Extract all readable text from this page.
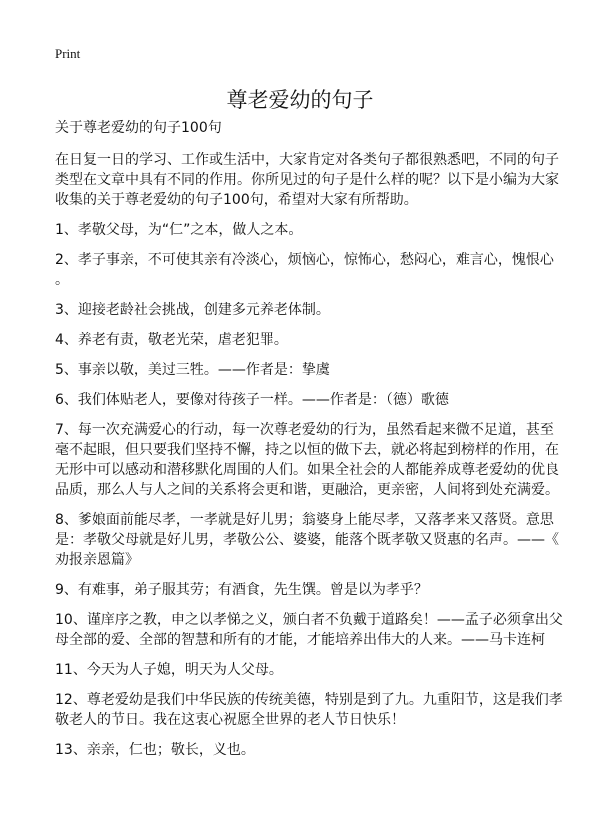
Print
尊老爱幼的句子
关于尊老爱幼的句子100句
在日复一日的学习、工作或生活中，大家肯定对各类句子都很熟悉吧，不同的句子
类型在文章中具有不同的作用。你所见过的句子是什么样的呢？以下是小编为大家
收集的关于尊老爱幼的句子100句，希望对大家有所帮助。
1、孝敬父母，为“仁”之本，做人之本。
2、孝子事亲，不可使其亲有冷淡心，烦恼心，惊怖心，愁闷心，难言心，愧恨心
。
3、迎接老龄社会挑战，创建多元养老体制。
4、养老有责，敬老光荣，虐老犯罪。
5、事亲以敬，美过三牲。——作者是：挚虞
6、我们体贴老人，要像对待孩子一样。——作者是：（德）歌德
7、每一次充满爱心的行动，每一次尊老爱幼的行为，虽然看起来微不足道，甚至
毫不起眼，但只要我们坚持不懈，持之以恒的做下去，就必将起到榜样的作用，在
无形中可以感动和潜移默化周围的人们。如果全社会的人都能养成尊老爱幼的优良
品质，那么人与人之间的关系将会更和谐，更融洽，更亲密，人间将到处充满爱。
8、爹娘面前能尽孝，一孝就是好儿男；翁婆身上能尽孝，又落孝来又落贤。意思
是：孝敬父母就是好儿男，孝敬公公、婆婆，能落个既孝敬又贤惠的名声。——《
劝报亲恩篇》
9、有难事，弟子服其劳；有酒食，先生馔。曾是以为孝乎？
10、谨庠序之教，申之以孝悌之义，颁白者不负戴于道路矣！——孟子必须拿出父
母全部的爱、全部的智慧和所有的才能，才能培养出伟大的人来。——马卡连柯
11、今天为人子媳，明天为人父母。
12、尊老爱幼是我们中华民族的传统美德，特别是到了九。九重阳节，这是我们孝
敬老人的节日。我在这衷心祝愿全世界的老人节日快乐！
13、亲亲，仁也；敬长，义也。
